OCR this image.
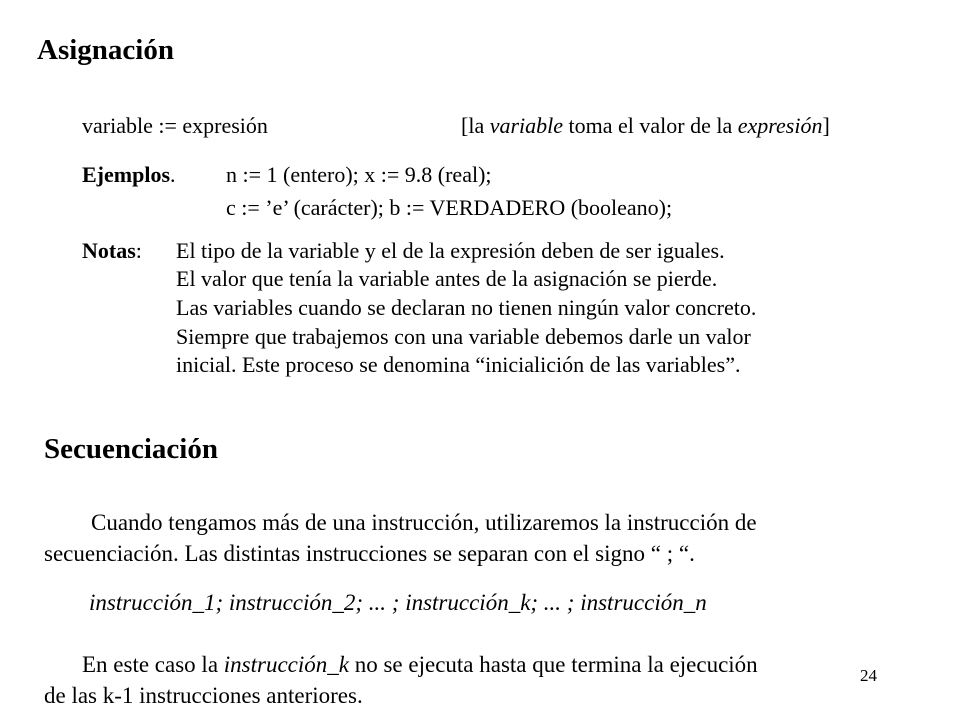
Asignación
variable := expresión	[la variable toma el valor de la expresión]
Ejemplos. n := 1 (entero); x := 9.8 (real);
c := ’e’ (carácter); b := VERDADERO (booleano);
Notas: El tipo de la variable y el de la expresión deben de ser iguales.
El valor que tenía la variable antes de la asignación se pierde.
Las variables cuando se declaran no tienen ningún valor concreto.
Siempre que trabajemos con una variable debemos darle un valor
inicial. Este proceso se denomina “inicialición de las variables”.
Secuenciación
Cuando tengamos más de una instrucción, utilizaremos la instrucción de
secuenciación. Las distintas instrucciones se separan con el signo “ ; “.
instrucción_1; instrucción_2; ... ; instrucción_k; ... ; instrucción_n
En este caso la instrucción_k no se ejecuta hasta que termina la ejecución
de las k-1 instrucciones anteriores.
24
